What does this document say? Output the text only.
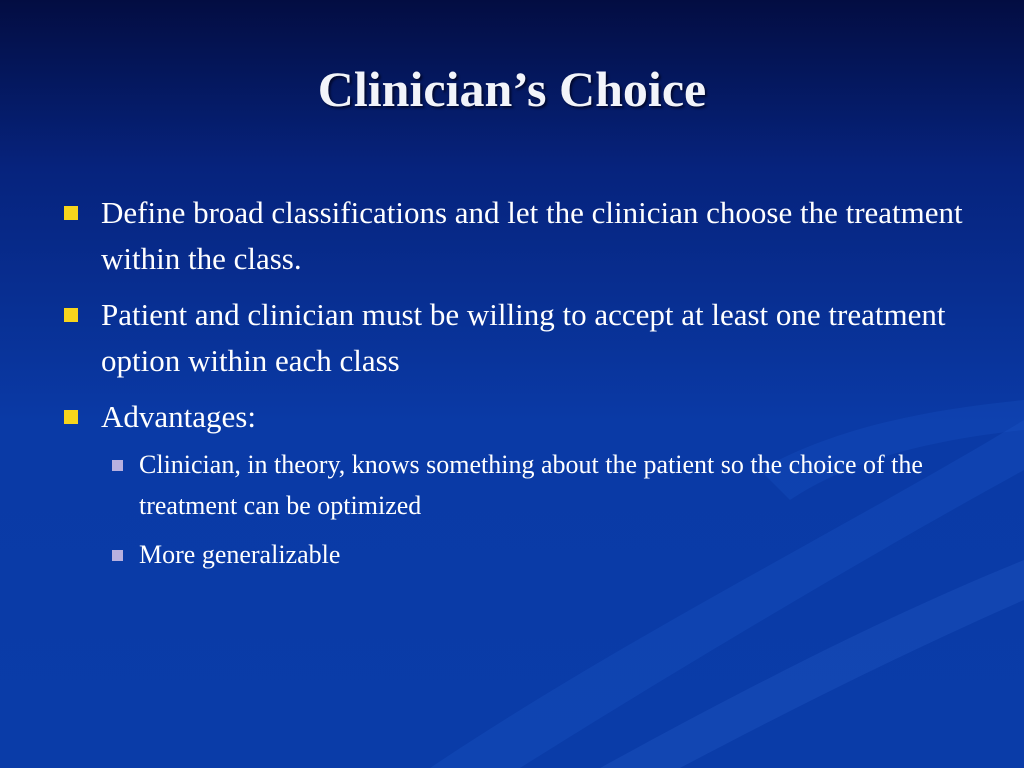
Clinician’s Choice
Define broad classifications and let the clinician choose the treatment within the class.
Patient and clinician must be willing to accept at least one treatment option within each class
Advantages:
Clinician, in theory, knows something about the patient so the choice of the treatment can be optimized
More generalizable
